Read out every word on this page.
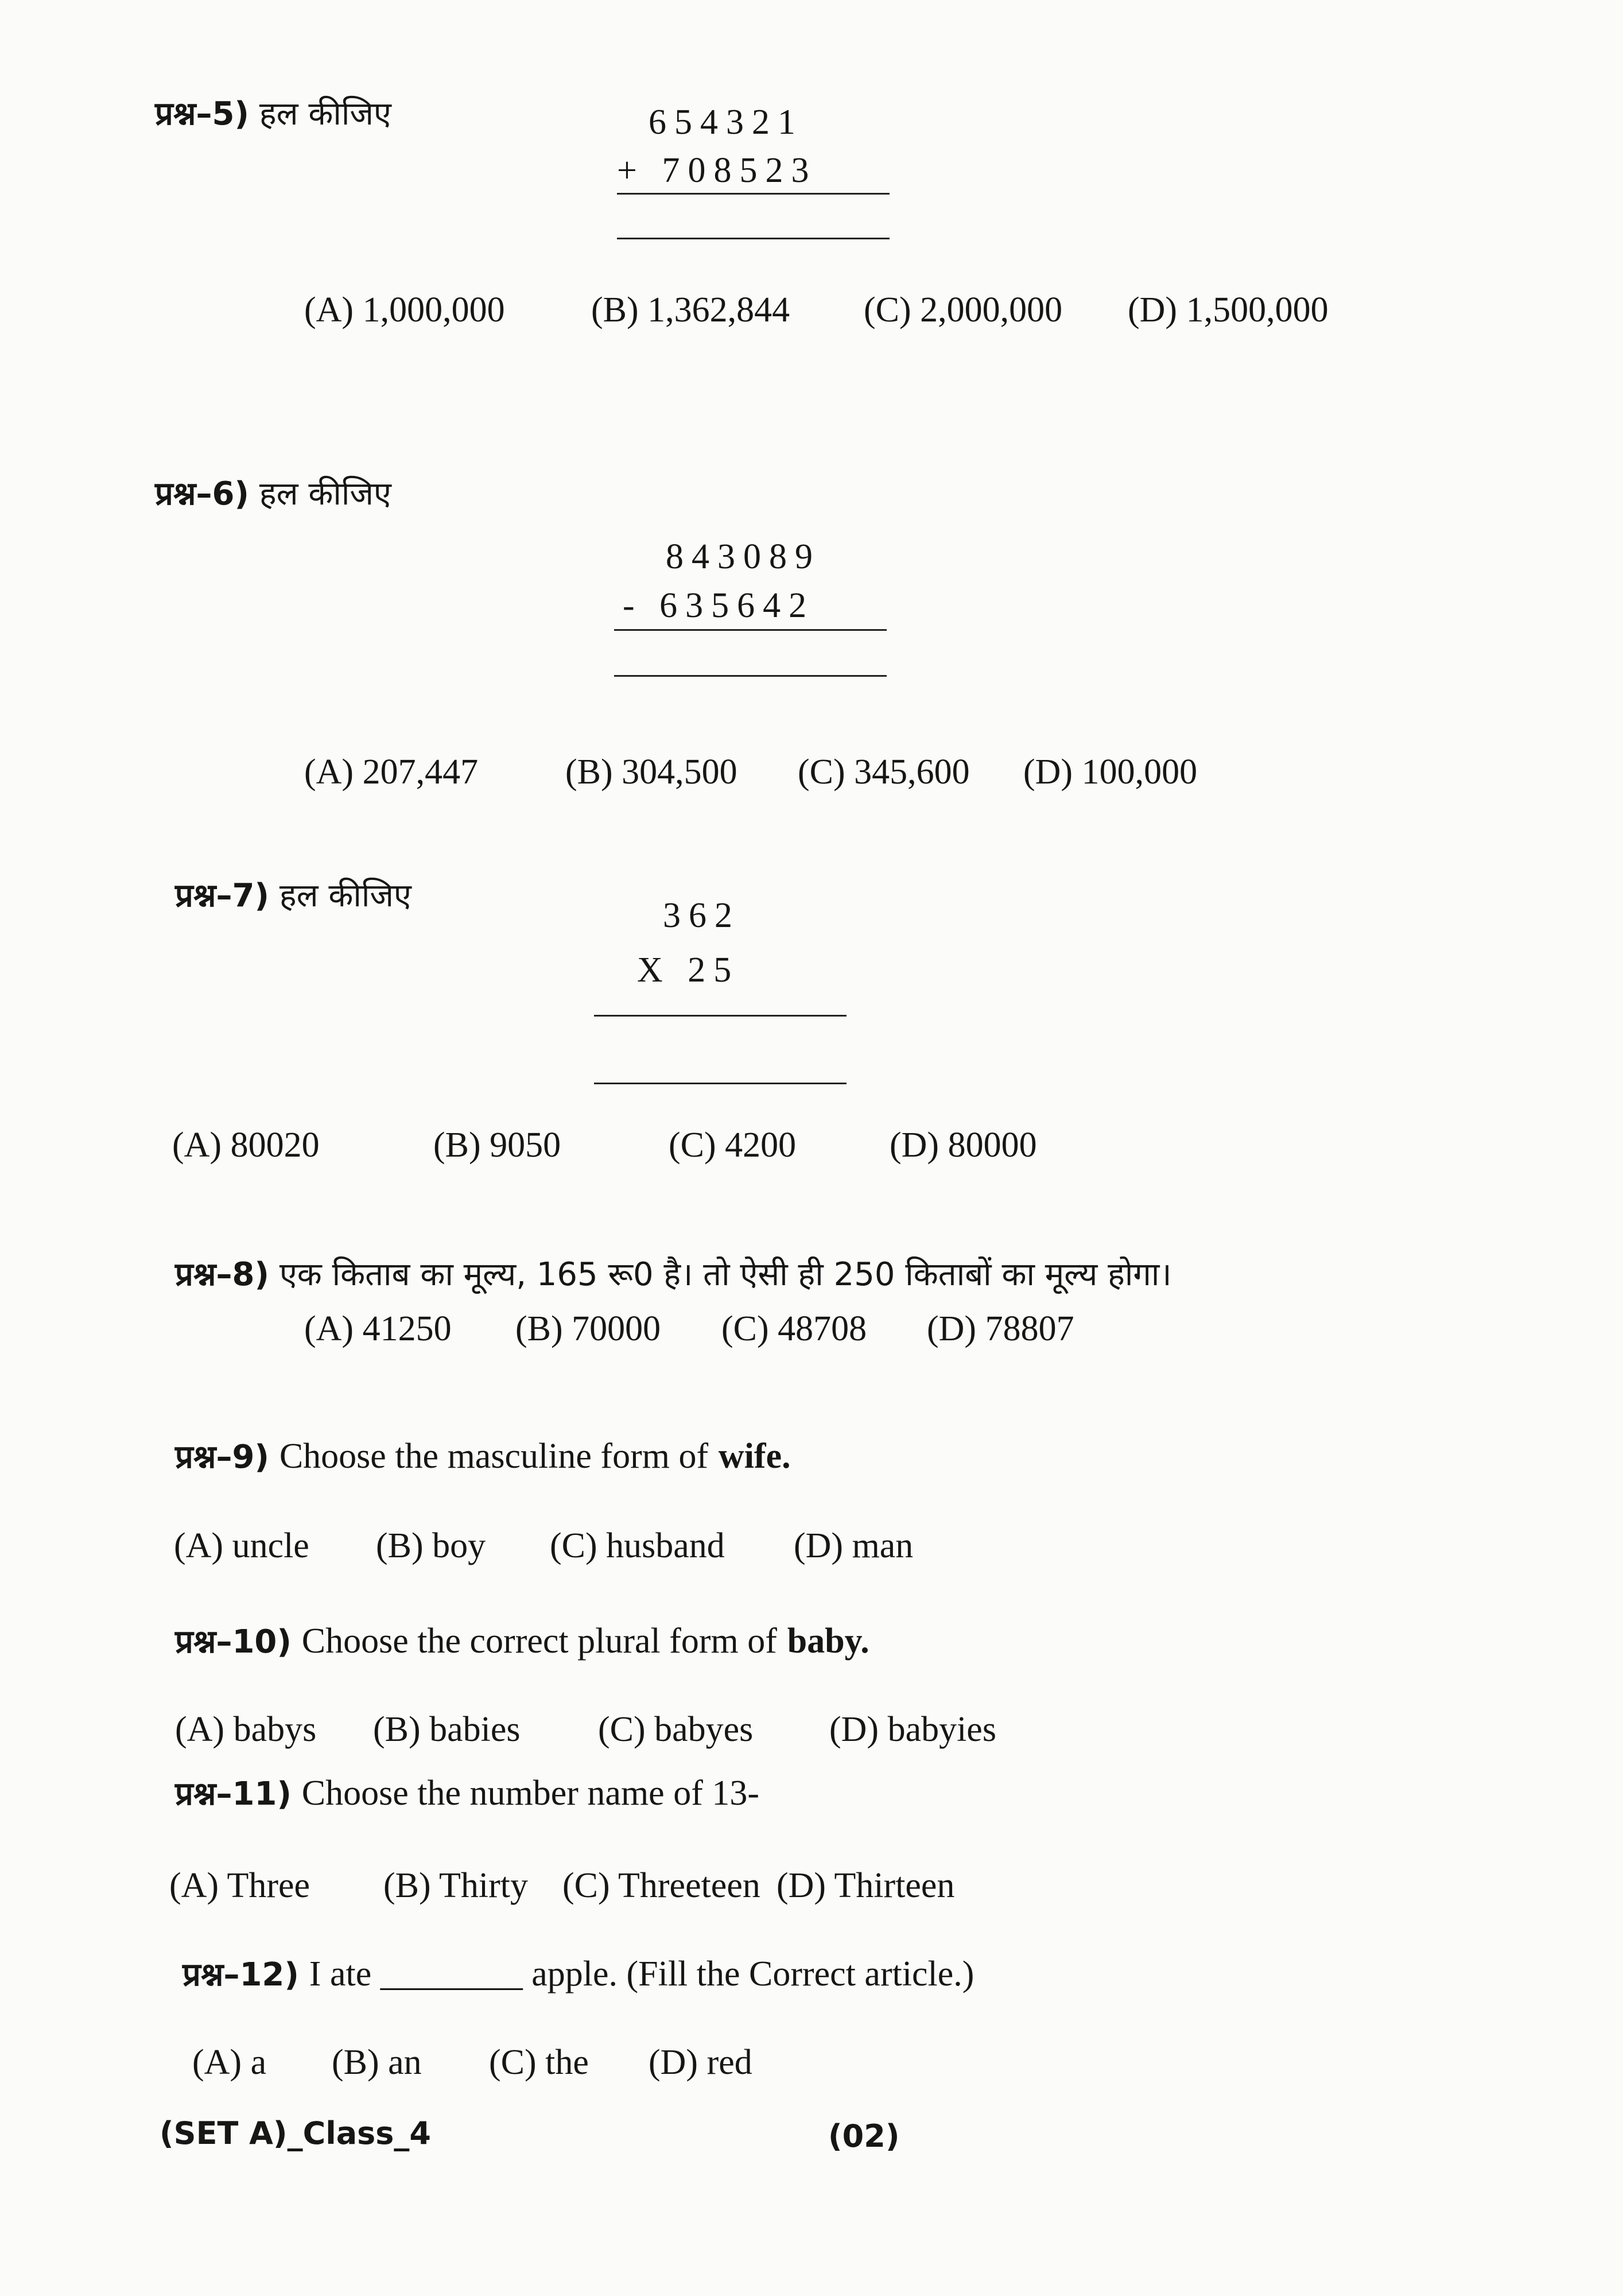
प्रश्न–5) हल कीजिए	654321
+ 708523
(A) 1,000,000 (B) 1,362,844 (C) 2,000,000 (D) 1,500,000
प्रश्न–6) हल कीजिए
843089
- 635642
(A) 207,447 (B) 304,500 (C) 345,600 (D) 100,000
प्रश्न–7) हल कीजिए
362
X 25
(A) 80020	(B) 9050	(C) 4200	(D) 80000
प्रश्न–8) एक किताब का मूल्य, 165 रू0 है। तो ऐसी ही 250 किताबों का मूल्य होगा।
(A) 41250 (B) 70000 (C) 48708 (D) 78807
प्रश्न–9) Choose the masculine form of wife.
(A) uncle (B) boy (C) husband (D) man
प्रश्न–10) Choose the correct plural form of baby.
(A) babys (B) babies (C) babyes (D) babyies
प्रश्न–11) Choose the number name of 13-
(A) Three (B) Thirty (C) Threeteen (D) Thirteen
प्रश्न–12) I ate ________ apple. (Fill the Correct article.)
(A) a (B) an (C) the (D) red
(SET A)_Class_4	(02)
